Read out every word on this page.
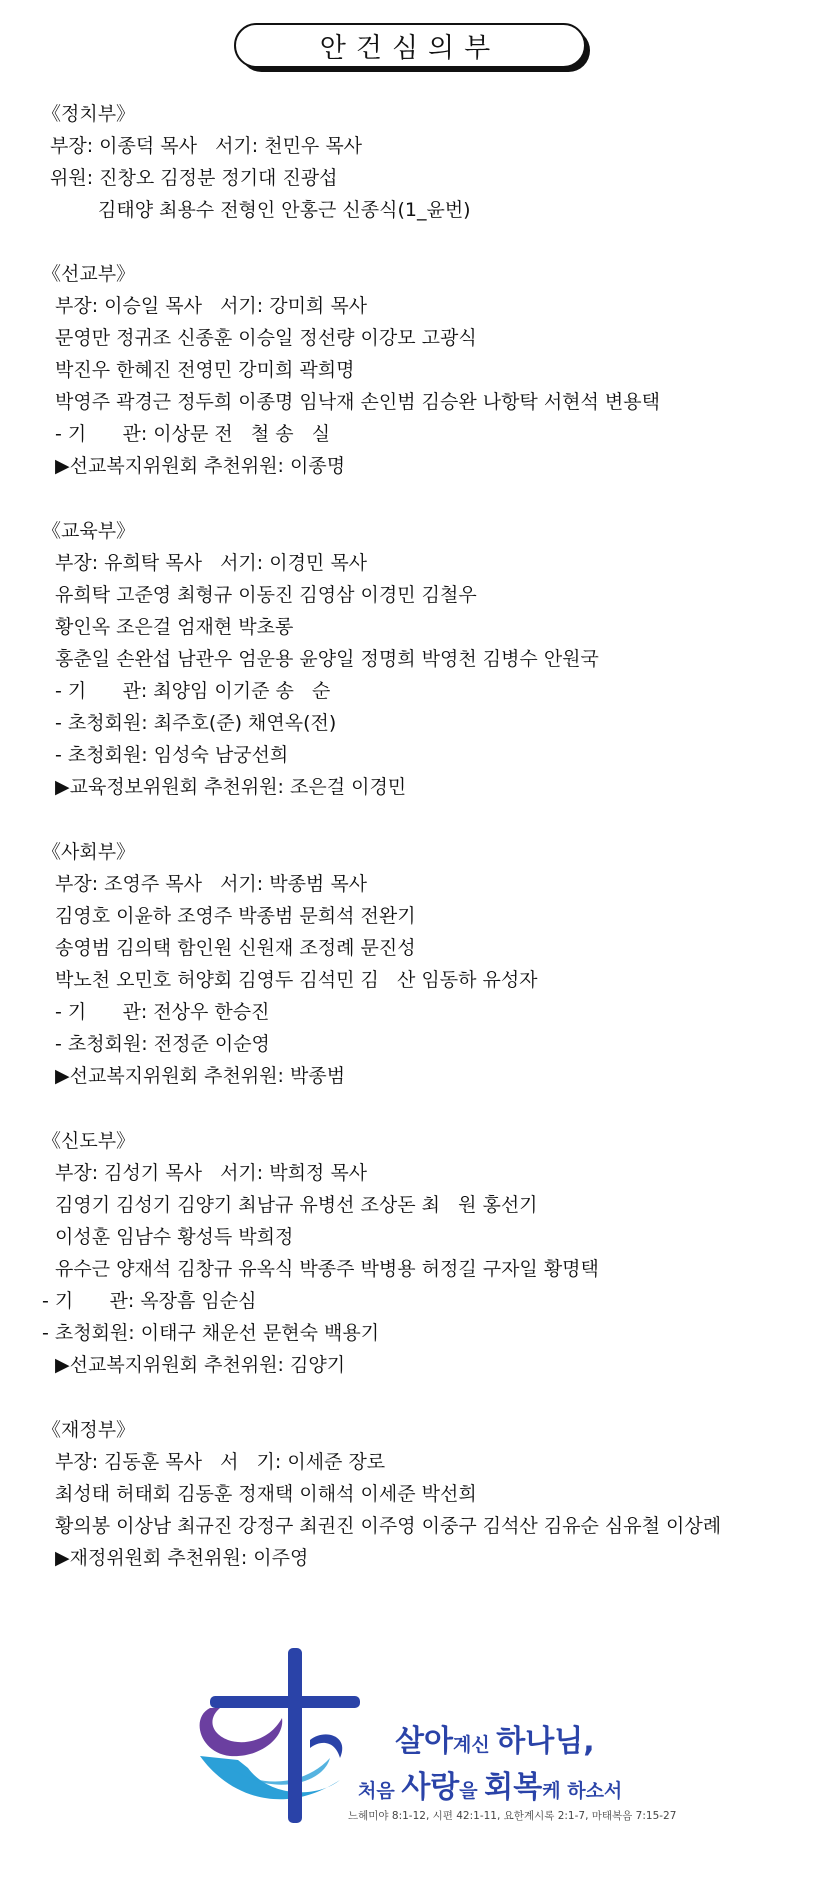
안건심의부
《정치부》
부장: 이종덕 목사   서기: 천민우 목사
위원: 진창오 김정분 정기대 진광섭
김태양 최용수 전형인 안홍근 신종식(1_윤번)
《선교부》
부장: 이승일 목사   서기: 강미희 목사
문영만 정귀조 신종훈 이승일 정선량 이강모 고광식
박진우 한혜진 전영민 강미희 곽희명
박영주 곽경근 정두희 이종명 임낙재 손인범 김승완 나항탁 서현석 변용택
- 기      관: 이상문 전   철 송   실
▶선교복지위원회 추천위원: 이종명
《교육부》
부장: 유희탁 목사   서기: 이경민 목사
유희탁 고준영 최형규 이동진 김영삼 이경민 김철우
황인옥 조은걸 엄재현 박초롱
홍춘일 손완섭 남관우 엄운용 윤양일 정명희 박영천 김병수 안원국
- 기      관: 최양임 이기준 송   순
- 초청회원: 최주호(준) 채연옥(전)
- 초청회원: 임성숙 남궁선희
▶교육정보위원회 추천위원: 조은걸 이경민
《사회부》
부장: 조영주 목사   서기: 박종범 목사
김영호 이윤하 조영주 박종범 문희석 전완기
송영범 김의택 함인원 신원재 조정례 문진성
박노천 오민호 허양회 김영두 김석민 김   산 임동하 유성자
- 기      관: 전상우 한승진
- 초청회원: 전정준 이순영
▶선교복지위원회 추천위원: 박종범
《신도부》
부장: 김성기 목사   서기: 박희정 목사
김영기 김성기 김양기 최남규 유병선 조상돈 최   원 홍선기
이성훈 임남수 황성득 박희정
유수근 양재석 김창규 유옥식 박종주 박병용 허정길 구자일 황명택
- 기      관: 옥장흠 임순심
- 초청회원: 이태구 채운선 문현숙 백용기
▶선교복지위원회 추천위원: 김양기
《재정부》
부장: 김동훈 목사   서   기: 이세준 장로
최성태 허태회 김동훈 정재택 이해석 이세준 박선희
황의봉 이상남 최규진 강정구 최권진 이주영 이중구 김석산 김유순 심유철 이상례
▶재정위원회 추천위원: 이주영
살아계신 하나님,
처음 사랑을 회복케 하소서
느헤미야 8:1-12, 시편 42:1-11, 요한계시록 2:1-7, 마태복음 7:15-27
